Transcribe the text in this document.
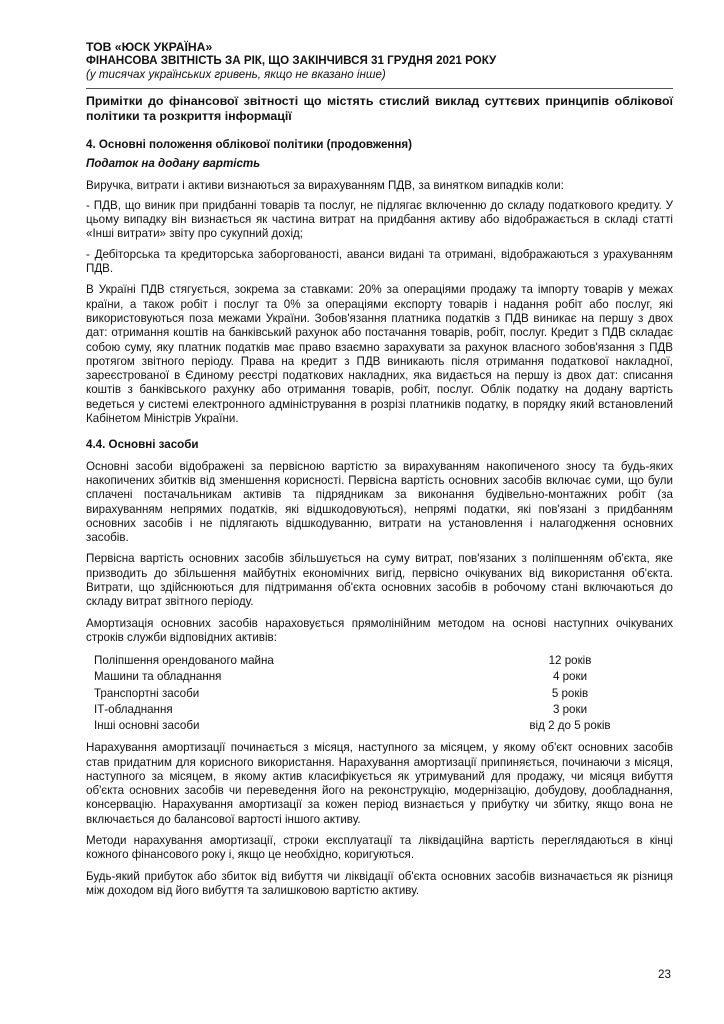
ТОВ «ЮСК УКРАЇНА»

ФІНАНСОВА ЗВІТНІСТЬ ЗА РІК, ЩО ЗАКІНЧИВСЯ 31 ГРУДНЯ 2021 РОКУ

(у тисячах українських гривень, якщо не вказано інше)

Примітки до фінансової звітності що містять стислий виклад суттєвих принципів облікової політики та розкриття інформації

4. Основні положення облікової політики (продовження)

Податок на додану вартість

Виручка, витрати і активи визнаються за вирахуванням ПДВ, за винятком випадків коли:

- ПДВ, що виник при придбанні товарів та послуг, не підлягає включенню до складу податкового кредиту. У цьому випадку він визнається як частина витрат на придбання активу або відображається в складі статті «Інші витрати» звіту про сукупний дохід;

- Дебіторська та кредиторська заборгованості, аванси видані та отримані, відображаються з урахуванням ПДВ.

В Україні ПДВ стягується, зокрема за ставками: 20% за операціями продажу та імпорту товарів у межах країни, а також робіт і послуг та 0% за операціями експорту товарів і надання робіт або послуг, які використовуються поза межами України. Зобов'язання платника податків з ПДВ виникає на першу з двох дат: отримання коштів на банківський рахунок або постачання товарів, робіт, послуг. Кредит з ПДВ складає собою суму, яку платник податків має право взаємно зарахувати за рахунок власного зобов'язання з ПДВ протягом звітного періоду. Права на кредит з ПДВ виникають після отримання податкової накладної, зареєстрованої в Єдиному реєстрі податкових накладних, яка видається на першу із двох дат: списання коштів з банківського рахунку або отримання товарів, робіт, послуг. Облік податку на додану вартість ведеться у системі електронного адміністрування в розрізі платників податку, в порядку який встановлений Кабінетом Міністрів України.

4.4. Основні засоби

Основні засоби відображені за первісною вартістю за вирахуванням накопиченого зносу та будь-яких накопичених збитків від зменшення корисності. Первісна вартість основних засобів включає суми, що були сплачені постачальникам активів та підрядникам за виконання будівельно-монтажних робіт (за вирахуванням непрямих податків, які відшкодовуються), непрямі податки, які пов'язані з придбанням основних засобів і не підлягають відшкодуванню, витрати на установлення і налагодження основних засобів.

Первісна вартість основних засобів збільшується на суму витрат, пов'язаних з поліпшенням об'єкта, яке призводить до збільшення майбутніх економічних вигід, первісно очікуваних від використання об'єкта. Витрати, що здійснюються для підтримання об'єкта основних засобів в робочому стані включаються до складу витрат звітного періоду.

Амортизація основних засобів нараховується прямолінійним методом на основі наступних очікуваних строків служби відповідних активів:

Поліпшення орендованого майна	12 років
Машини та обладнання	4 роки
Транспортні засоби	5 років
ІТ-обладнання	3 роки
Інші основні засоби	від 2 до 5 років

Нарахування амортизації починається з місяця, наступного за місяцем, у якому об'єкт основних засобів став придатним для корисного використання. Нарахування амортизації припиняється, починаючи з місяця, наступного за місяцем, в якому актив класифікується як утримуваний для продажу, чи місяця вибуття об'єкта основних засобів чи переведення його на реконструкцію, модернізацію, добудову, дообладнання, консервацію. Нарахування амортизації за кожен період визнається у прибутку чи збитку, якщо вона не включається до балансової вартості іншого активу.

Методи нарахування амортизації, строки експлуатації та ліквідаційна вартість переглядаються в кінці кожного фінансового року і, якщо це необхідно, коригуються.

Будь-який прибуток або збиток від вибуття чи ліквідації об'єкта основних засобів визначається як різниця між доходом від його вибуття та залишковою вартістю активу.

23
